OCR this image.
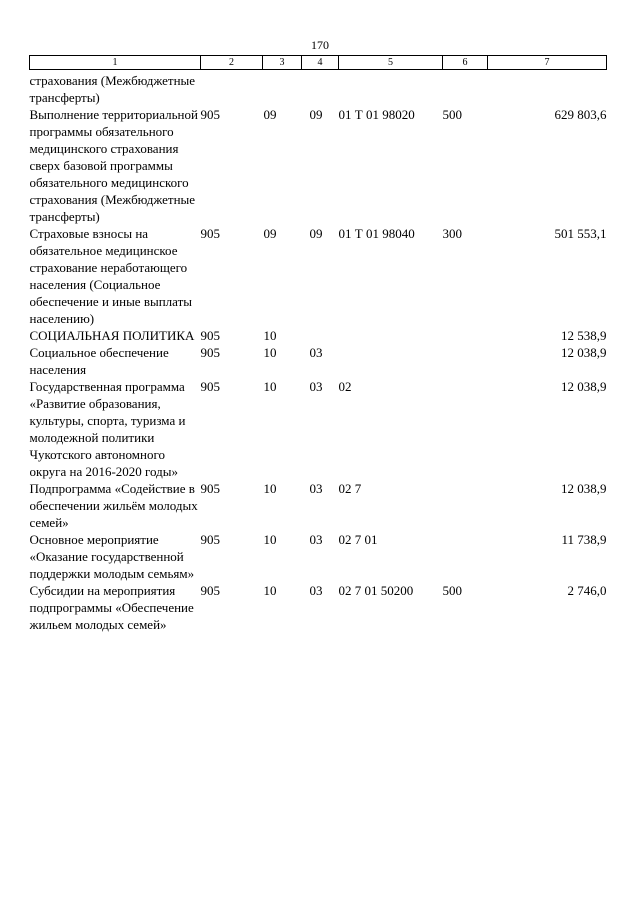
170
1	2	3	4	5	6	7
страхования (Межбюджетные трансферты)						
Выполнение территориальной программы обязательного медицинского страхования сверх базовой программы обязательного медицинского страхования (Межбюджетные трансферты)	905	09	09	01 Т 01 98020	500	629 803,6
Страховые взносы на обязательное медицинское страхование неработающего населения (Социальное обеспечение и иные выплаты населению)	905	09	09	01 Т 01 98040	300	501 553,1
СОЦИАЛЬНАЯ ПОЛИТИКА	905	10				12 538,9
Социальное обеспечение населения	905	10	03			12 038,9
Государственная программа «Развитие образования, культуры, спорта, туризма и молодежной политики Чукотского автономного округа на 2016-2020 годы»	905	10	03	02		12 038,9
Подпрограмма «Содействие в обеспечении жильём молодых семей»	905	10	03	02 7		12 038,9
Основное мероприятие «Оказание государственной поддержки молодым семьям»	905	10	03	02 7 01		11 738,9
Субсидии на мероприятия подпрограммы «Обеспечение жильем молодых семей»	905	10	03	02 7 01 50200	500	2 746,0
